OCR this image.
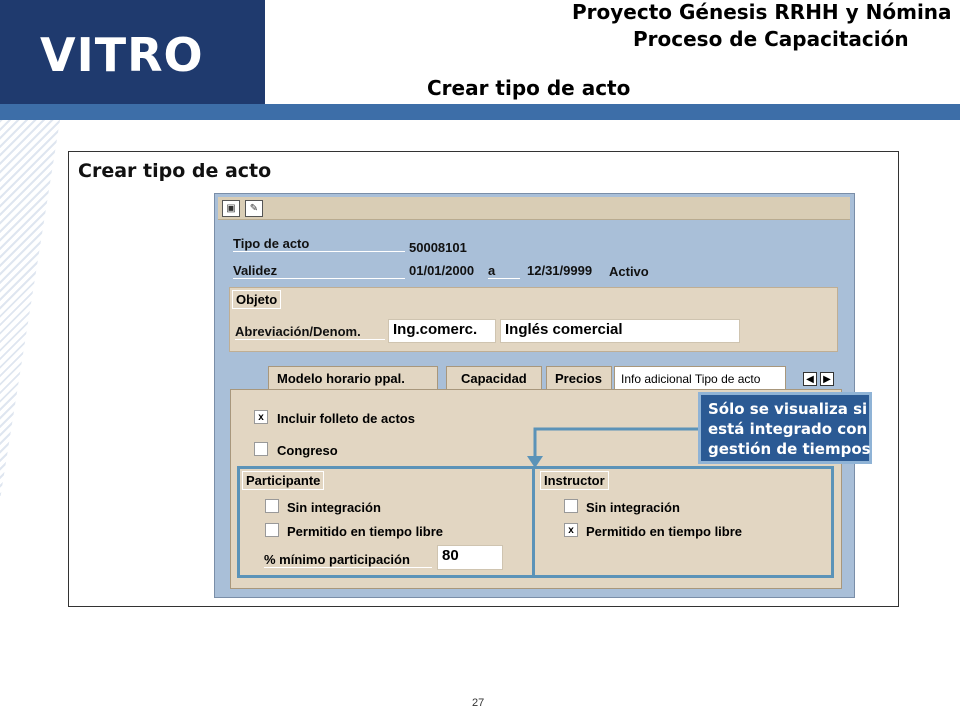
VITRO
Proyecto Génesis RRHH y Nómina
Proceso de Capacitación
Crear tipo de acto
Crear tipo de acto
▣	✎
Tipo de acto	50008101
Validez	01/01/2000 a	12/31/9999 Activo
Objeto
Abreviación/Denom.	Ing.comerc.	Inglés comercial
Modelo horario ppal.	Capacidad	Precios	Info adicional Tipo de acto	◀ ▶
x	Incluir folleto de actos
Congreso
Participante	Instructor
Sin integración
Permitido en tiempo libre
% mínimo participación	80
Sin integración
x Permitido en tiempo libre
Sólo se visualiza si
está integrado con
gestión de tiempos
27
